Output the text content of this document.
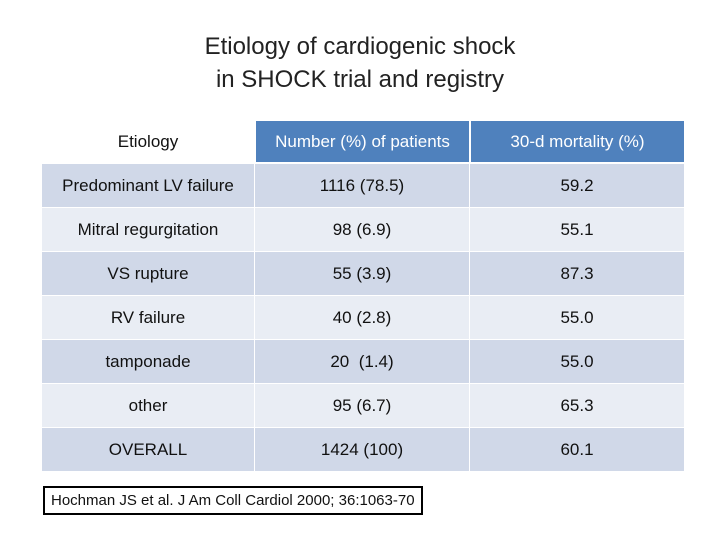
Etiology of cardiogenic shock
in SHOCK trial and registry
Etiology	Number (%) of patients	30-d mortality (%)
Predominant LV failure	1116 (78.5)	59.2
Mitral regurgitation	98 (6.9)	55.1
VS rupture	55 (3.9)	87.3
RV failure	40 (2.8)	55.0
tamponade	20  (1.4)	55.0
other	95 (6.7)	65.3
OVERALL	1424 (100)	60.1
Hochman JS et al. J Am Coll Cardiol 2000; 36:1063-70
